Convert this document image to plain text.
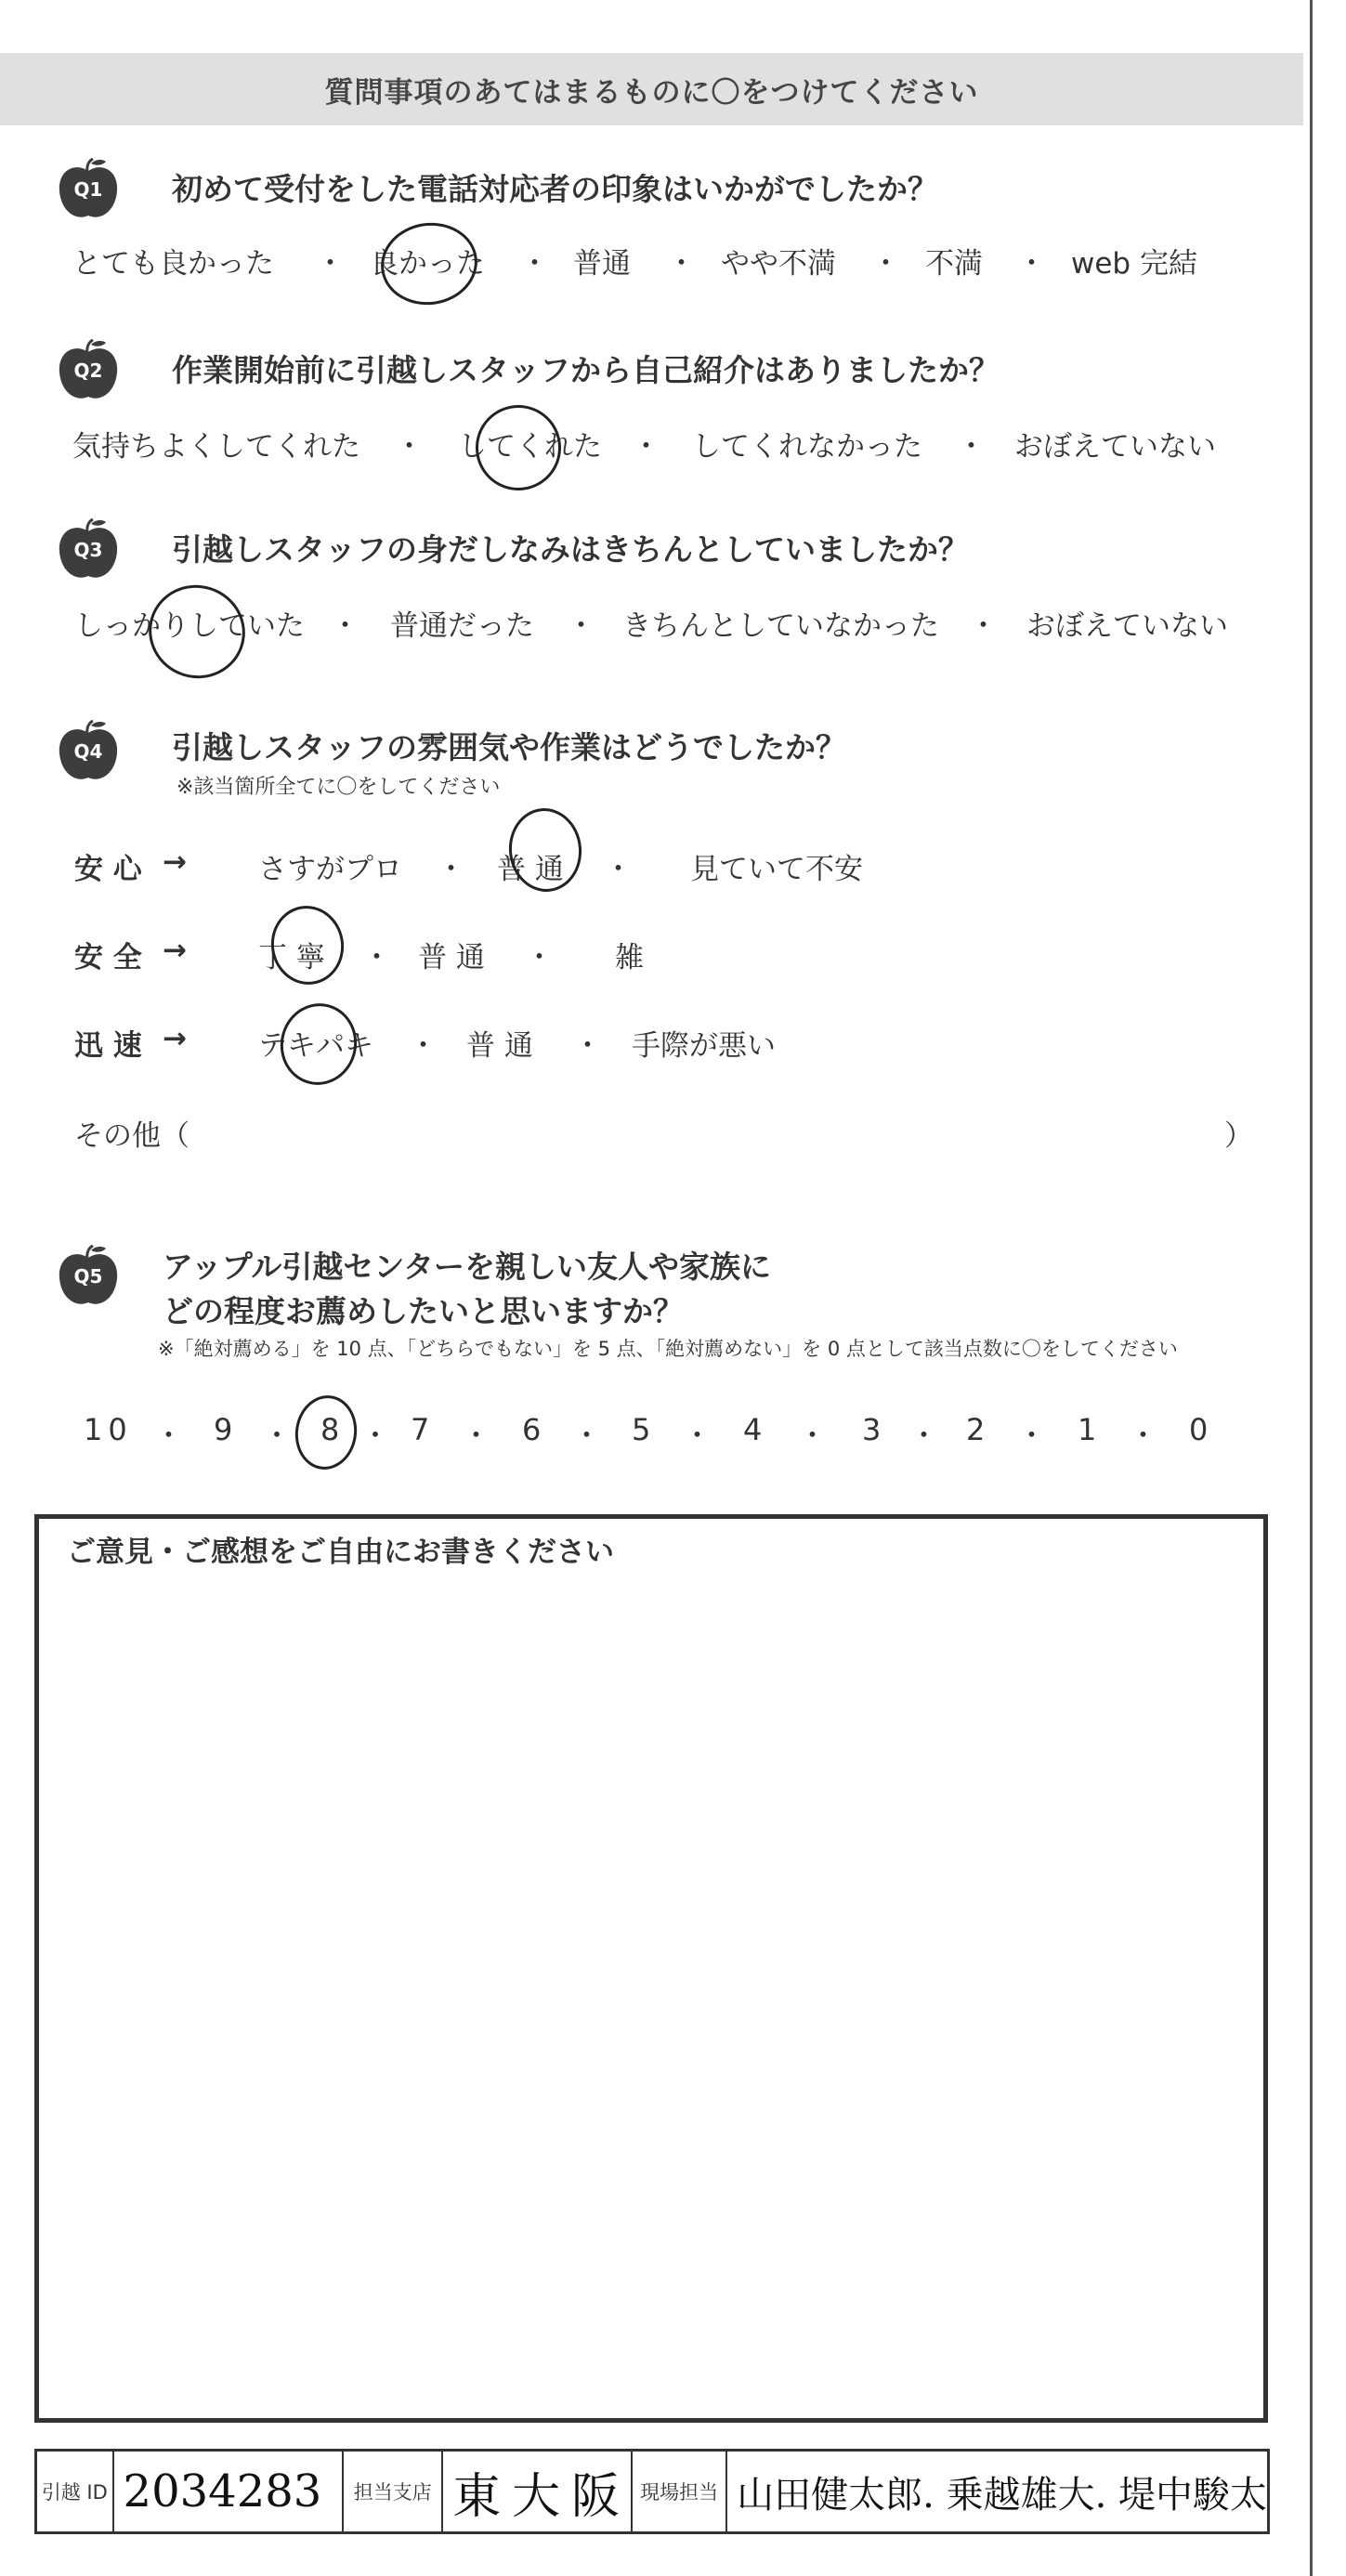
質問事項のあてはまるものに〇をつけてください
Q1	初めて受付をした電話対応者の印象はいかがでしたか？
とても良かった ・ 良かった ・ 普通 ・ やや不満 ・ 不満 ・ web 完結
Q2	作業開始前に引越しスタッフから自己紹介はありましたか？
気持ちよくしてくれた ・ してくれた ・ してくれなかった ・ おぼえていない
Q3	引越しスタッフの身だしなみはきちんとしていましたか？
しっかりしていた ・ 普通だった ・ きちんとしていなかった ・ おぼえていない
Q4	引越しスタッフの雰囲気や作業はどうでしたか？
※該当箇所全てに〇をしてください
安 心 → さすがプロ ・ 普 通 ・ 見ていて不安
安 全 → 丁 寧 ・ 普 通 ・ 雑
迅 速 → テキパキ ・ 普 通 ・ 手際が悪い
その他（	）
Q5	アップル引越センターを親しい友人や家族に
どの程度お薦めしたいと思いますか？
※「絶対薦める」を 10 点、「どちらでもない」を 5 点、「絶対薦めない」を 0 点として該当点数に〇をしてください
10 ・ 9 ・ 8 ・ 7 ・ 6 ・ 5 ・ 4 ・ 3 ・ 2 ・ 1 ・ 0
ご意見・ご感想をご自由にお書きください
引越 ID 2034283	担当支店 東大阪 現場担当 山田健太郎. 乗越雄大. 堤中駿太
